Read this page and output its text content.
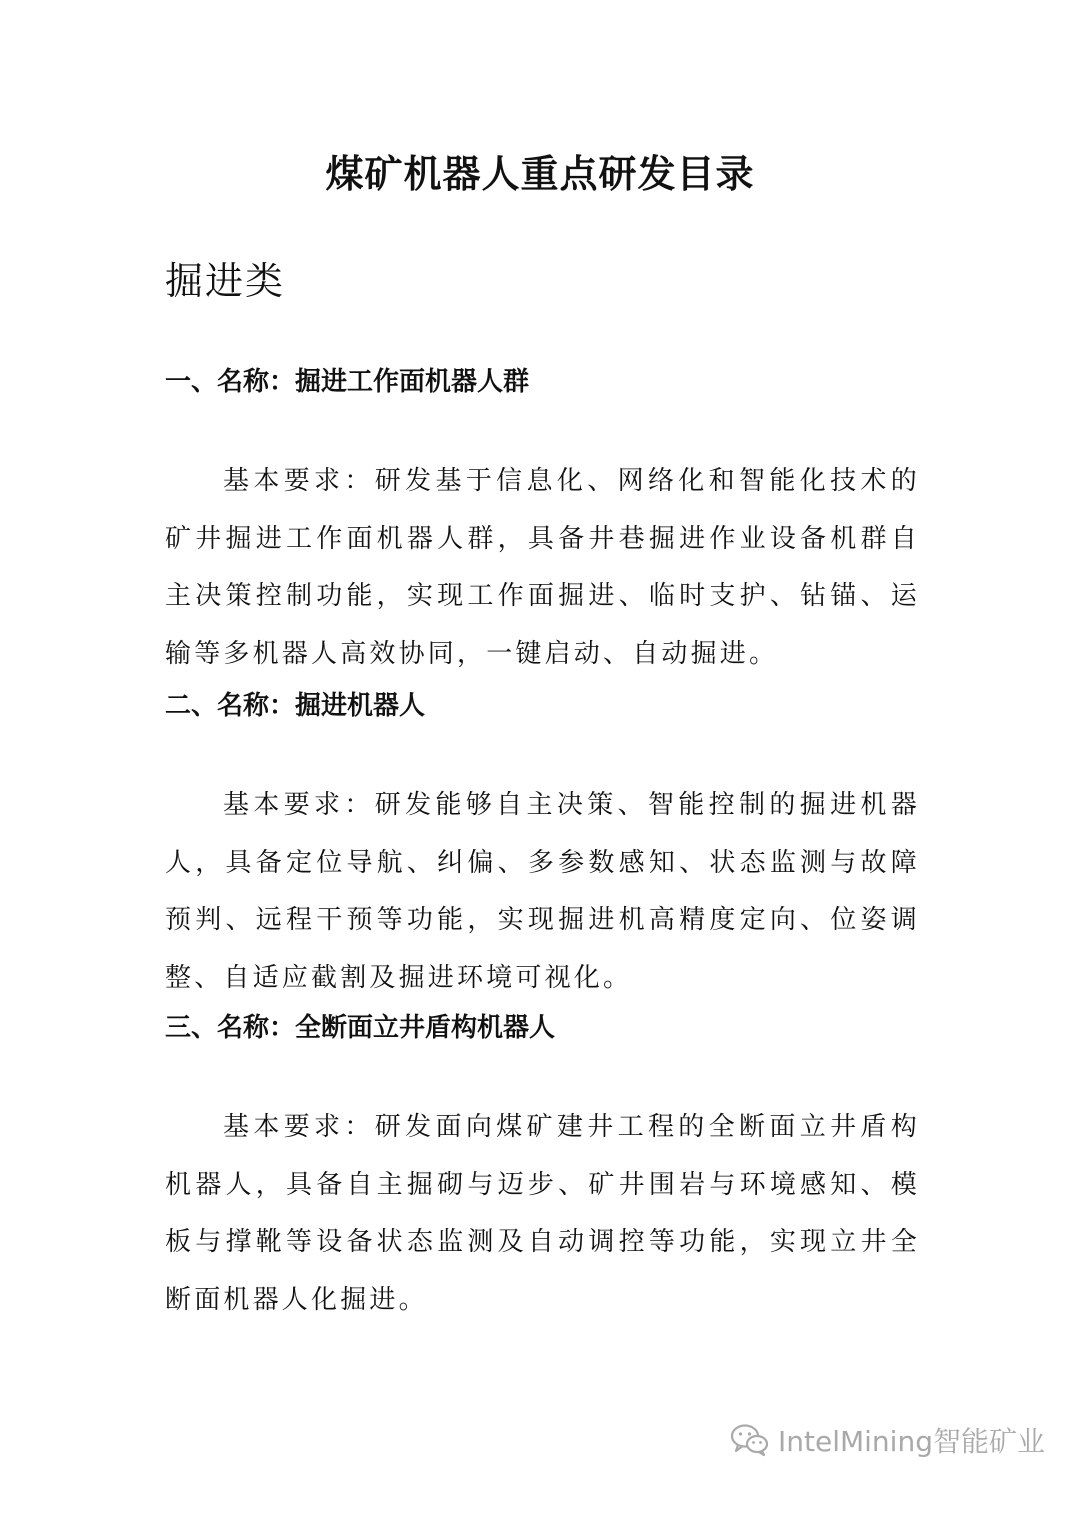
煤矿机器人重点研发目录
掘进类

一、名称：掘进工作面机器人群

基本要求：研发基于信息化、网络化和智能化技术的矿井掘进工作面机器人群，具备井巷掘进作业设备机群自主决策控制功能，实现工作面掘进、临时支护、钻锚、运输等多机器人高效协同，一键启动、自动掘进。

二、名称：掘进机器人

基本要求：研发能够自主决策、智能控制的掘进机器人，具备定位导航、纠偏、多参数感知、状态监测与故障预判、远程干预等功能，实现掘进机高精度定向、位姿调整、自适应截割及掘进环境可视化。

三、名称：全断面立井盾构机器人

基本要求：研发面向煤矿建井工程的全断面立井盾构机器人，具备自主掘砌与迈步、矿井围岩与环境感知、模板与撑靴等设备状态监测及自动调控等功能，实现立井全断面机器人化掘进。

IntelMining智能矿业
